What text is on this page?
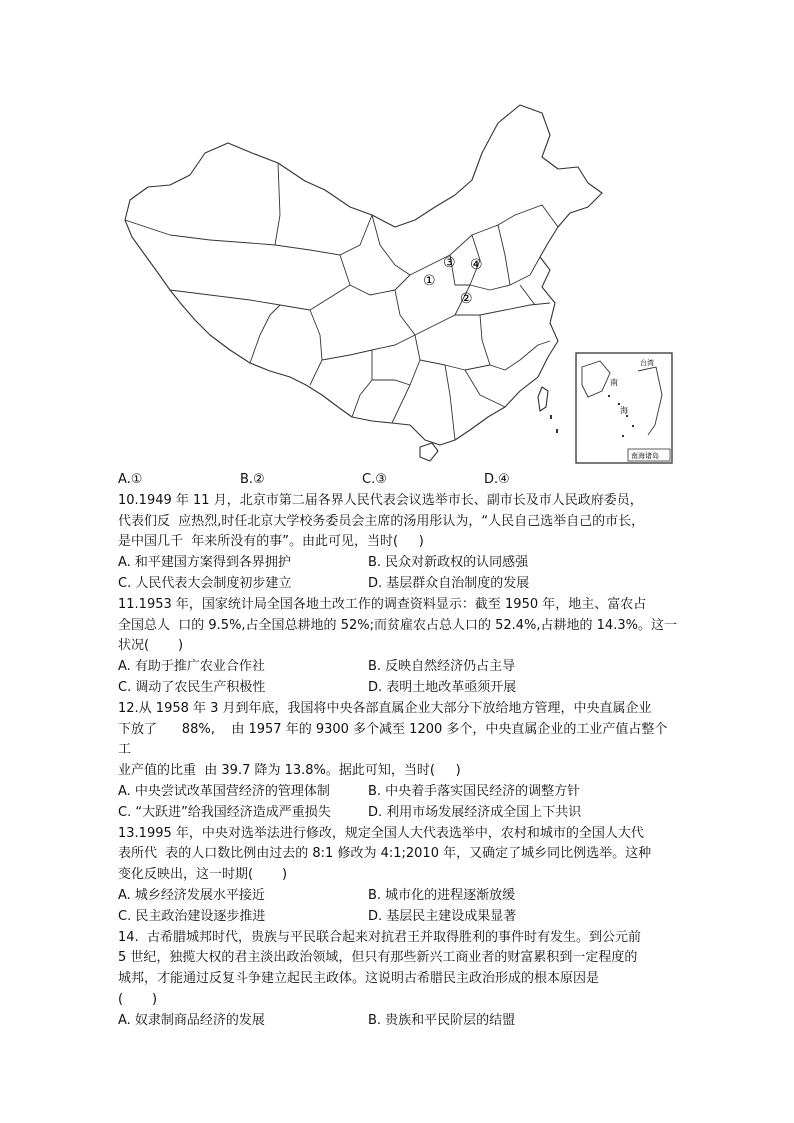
①
②
③ ④
台湾
南
海
南海诸岛
A.①	B.②	C.③	D.④

10.1949 年 11 月，北京市第二届各界人民代表会议选举市长、副市长及市人民政府委员，

代表们反  应热烈,时任北京大学校务委员会主席的汤用彤认为，“人民自己选举自己的市长，

是中国几千  年来所没有的事”。由此可见，当时(     )

A. 和平建国方案得到各界拥护	B. 民众对新政权的认同感强
C. 人民代表大会制度初步建立	D. 基层群众自治制度的发展

11.1953 年，国家统计局全国各地土改工作的调查资料显示：截至 1950 年，地主、富农占

全国总人  口的 9.5%,占全国总耕地的 52%;而贫雇农占总人口的 52.4%,占耕地的 14.3%。这一

状况(       )

A. 有助于推广农业合作社	B. 反映自然经济仍占主导
C. 调动了农民生产积极性	D. 表明土地改革亟须开展

12.从 1958 年 3 月到年底，我国将中央各部直属企业大部分下放给地方管理，中央直属企业

下放了      88%,    由 1957 年的 9300 多个减至 1200 多个，中央直属企业的工业产值占整个工

业产值的比重  由 39.7 降为 13.8%。据此可知，当时(     )

A. 中央尝试改革国营经济的管理体制	B. 中央着手落实国民经济的调整方针
C. “大跃进”给我国经济造成严重损失	D. 利用市场发展经济成全国上下共识

13.1995 年，中央对选举法进行修改，规定全国人大代表选举中，农村和城市的全国人大代

表所代  表的人口数比例由过去的 8:1 修改为 4:1;2010 年，又确定了城乡同比例选举。这种

变化反映出，这一时期(       )

A. 城乡经济发展水平接近	B. 城市化的进程逐渐放缓
C. 民主政治建设逐步推进	D. 基层民主建设成果显著

14.  古希腊城邦时代，贵族与平民联合起来对抗君王并取得胜利的事件时有发生。到公元前

5 世纪，独揽大权的君主淡出政治领域，但只有那些新兴工商业者的财富累积到一定程度的

城邦，才能通过反复斗争建立起民主政体。这说明古希腊民主政治形成的根本原因是

(       )

A. 奴隶制商品经济的发展	B. 贵族和平民阶层的结盟
